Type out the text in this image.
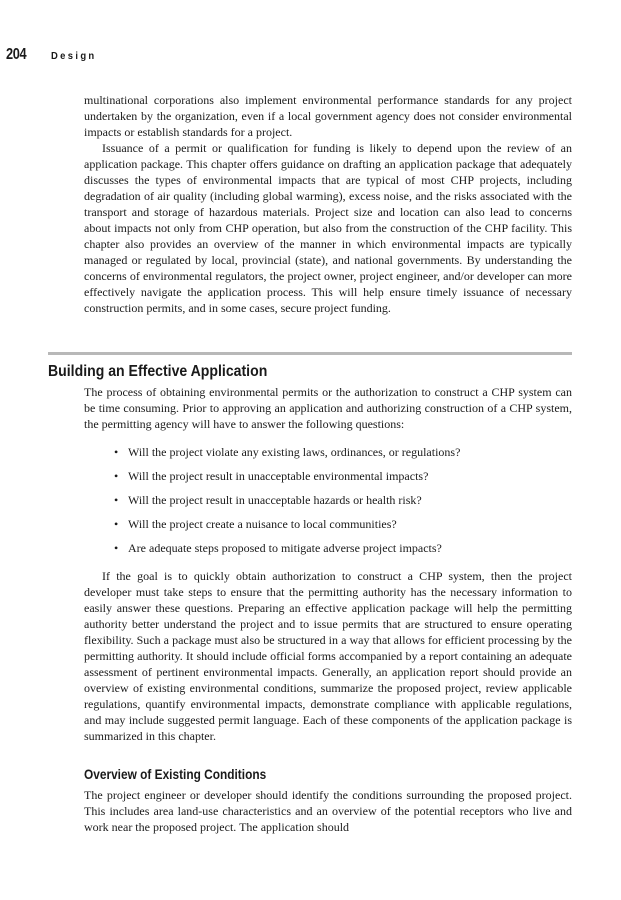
204 Design

multinational corporations also implement environmental performance standards for any project undertaken by the organization, even if a local government agency does not consider environmental impacts or establish standards for a project.

Issuance of a permit or qualification for funding is likely to depend upon the review of an application package. This chapter offers guidance on drafting an application package that adequately discusses the types of environmental impacts that are typical of most CHP projects, including degradation of air quality (including global warming), excess noise, and the risks associated with the transport and storage of hazardous materials. Project size and location can also lead to concerns about impacts not only from CHP operation, but also from the construction of the CHP facility. This chapter also provides an overview of the manner in which environmental impacts are typically managed or regulated by local, provincial (state), and national governments. By understanding the concerns of environmental regulators, the project owner, project engineer, and/or developer can more effectively navigate the application process. This will help ensure timely issuance of necessary construction permits, and in some cases, secure project funding.

Building an Effective Application

The process of obtaining environmental permits or the authorization to construct a CHP system can be time consuming. Prior to approving an application and authorizing construction of a CHP system, the permitting agency will have to answer the following questions:

• Will the project violate any existing laws, ordinances, or regulations?
• Will the project result in unacceptable environmental impacts?
• Will the project result in unacceptable hazards or health risk?
• Will the project create a nuisance to local communities?
• Are adequate steps proposed to mitigate adverse project impacts?

If the goal is to quickly obtain authorization to construct a CHP system, then the project developer must take steps to ensure that the permitting authority has the necessary information to easily answer these questions. Preparing an effective application package will help the permitting authority better understand the project and to issue permits that are structured to ensure operating flexibility. Such a package must also be structured in a way that allows for efficient processing by the permitting authority. It should include official forms accompanied by a report containing an adequate assessment of pertinent environmental impacts. Generally, an application report should provide an overview of existing environmental conditions, summarize the proposed project, review applicable regulations, quantify environmental impacts, demonstrate compliance with applicable regulations, and may include suggested permit language. Each of these components of the application package is summarized in this chapter.

Overview of Existing Conditions

The project engineer or developer should identify the conditions surrounding the proposed project. This includes area land-use characteristics and an overview of the potential receptors who live and work near the proposed project. The application should
